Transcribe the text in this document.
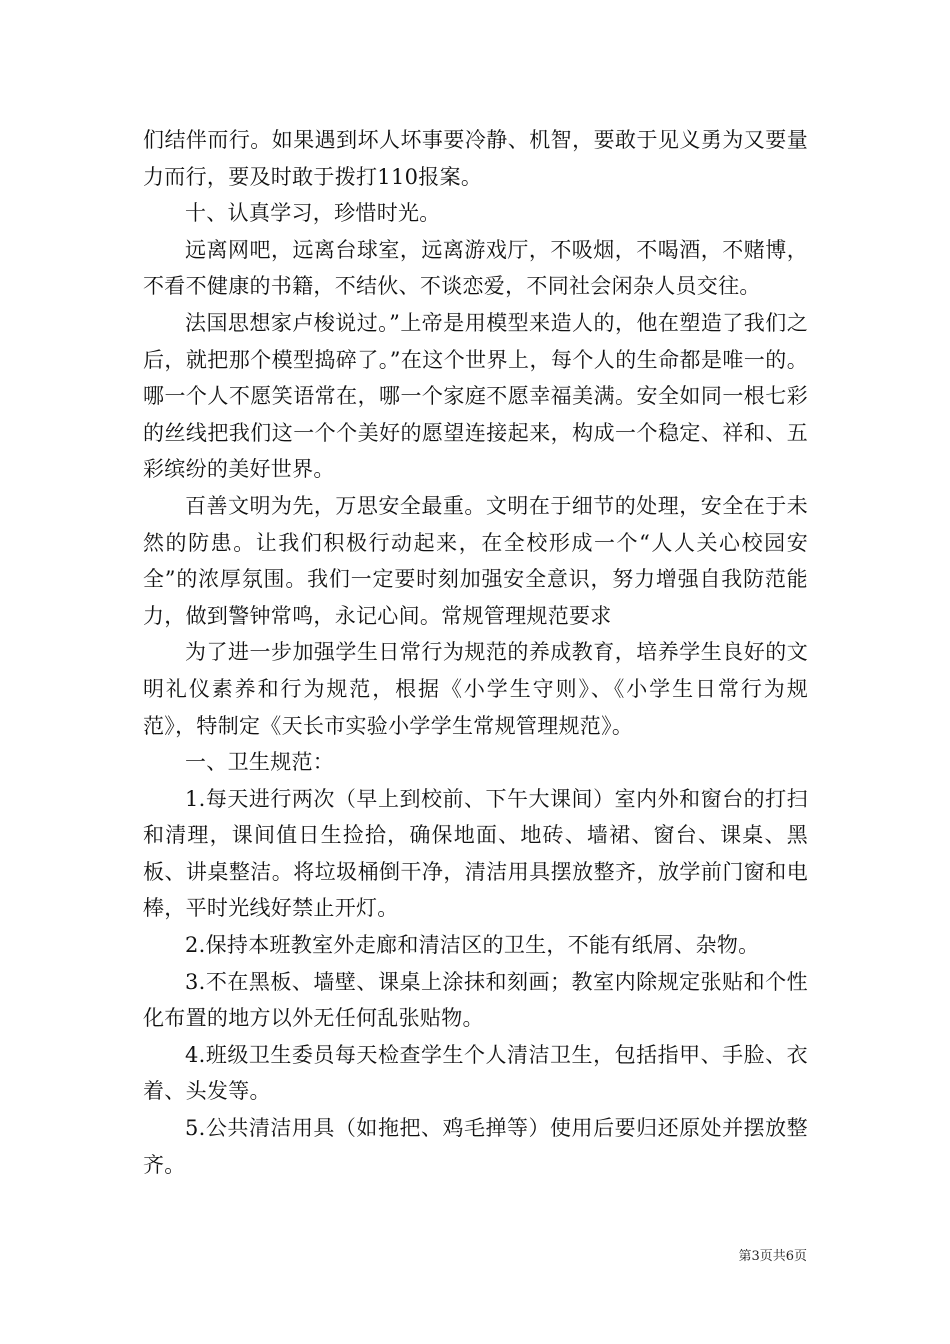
们结伴而行。如果遇到坏人坏事要冷静、机智，要敢于见义勇为又要量力而行，要及时敢于拨打110报案。

十、认真学习，珍惜时光。

远离网吧，远离台球室，远离游戏厅，不吸烟，不喝酒，不赌博，不看不健康的书籍，不结伙、不谈恋爱，不同社会闲杂人员交往。

法国思想家卢梭说过。”上帝是用模型来造人的，他在塑造了我们之后，就把那个模型捣碎了。”在这个世界上，每个人的生命都是唯一的。哪一个人不愿笑语常在，哪一个家庭不愿幸福美满。安全如同一根七彩的丝线把我们这一个个美好的愿望连接起来，构成一个稳定、祥和、五彩缤纷的美好世界。

百善文明为先，万思安全最重。文明在于细节的处理，安全在于未然的防患。让我们积极行动起来，在全校形成一个“人人关心校园安全”的浓厚氛围。我们一定要时刻加强安全意识，努力增强自我防范能力，做到警钟常鸣，永记心间。常规管理规范要求

为了进一步加强学生日常行为规范的养成教育，培养学生良好的文明礼仪素养和行为规范，根据《小学生守则》、《小学生日常行为规范》，特制定《天长市实验小学学生常规管理规范》。

一、卫生规范：

1.每天进行两次（早上到校前、下午大课间）室内外和窗台的打扫和清理，课间值日生捡拾，确保地面、地砖、墙裙、窗台、课桌、黑板、讲桌整洁。将垃圾桶倒干净，清洁用具摆放整齐，放学前门窗和电棒，平时光线好禁止开灯。

2.保持本班教室外走廊和清洁区的卫生，不能有纸屑、杂物。

3.不在黑板、墙壁、课桌上涂抹和刻画；教室内除规定张贴和个性化布置的地方以外无任何乱张贴物。

4.班级卫生委员每天检查学生个人清洁卫生，包括指甲、手脸、衣着、头发等。

5.公共清洁用具（如拖把、鸡毛掸等）使用后要归还原处并摆放整齐。

第3页共6页
